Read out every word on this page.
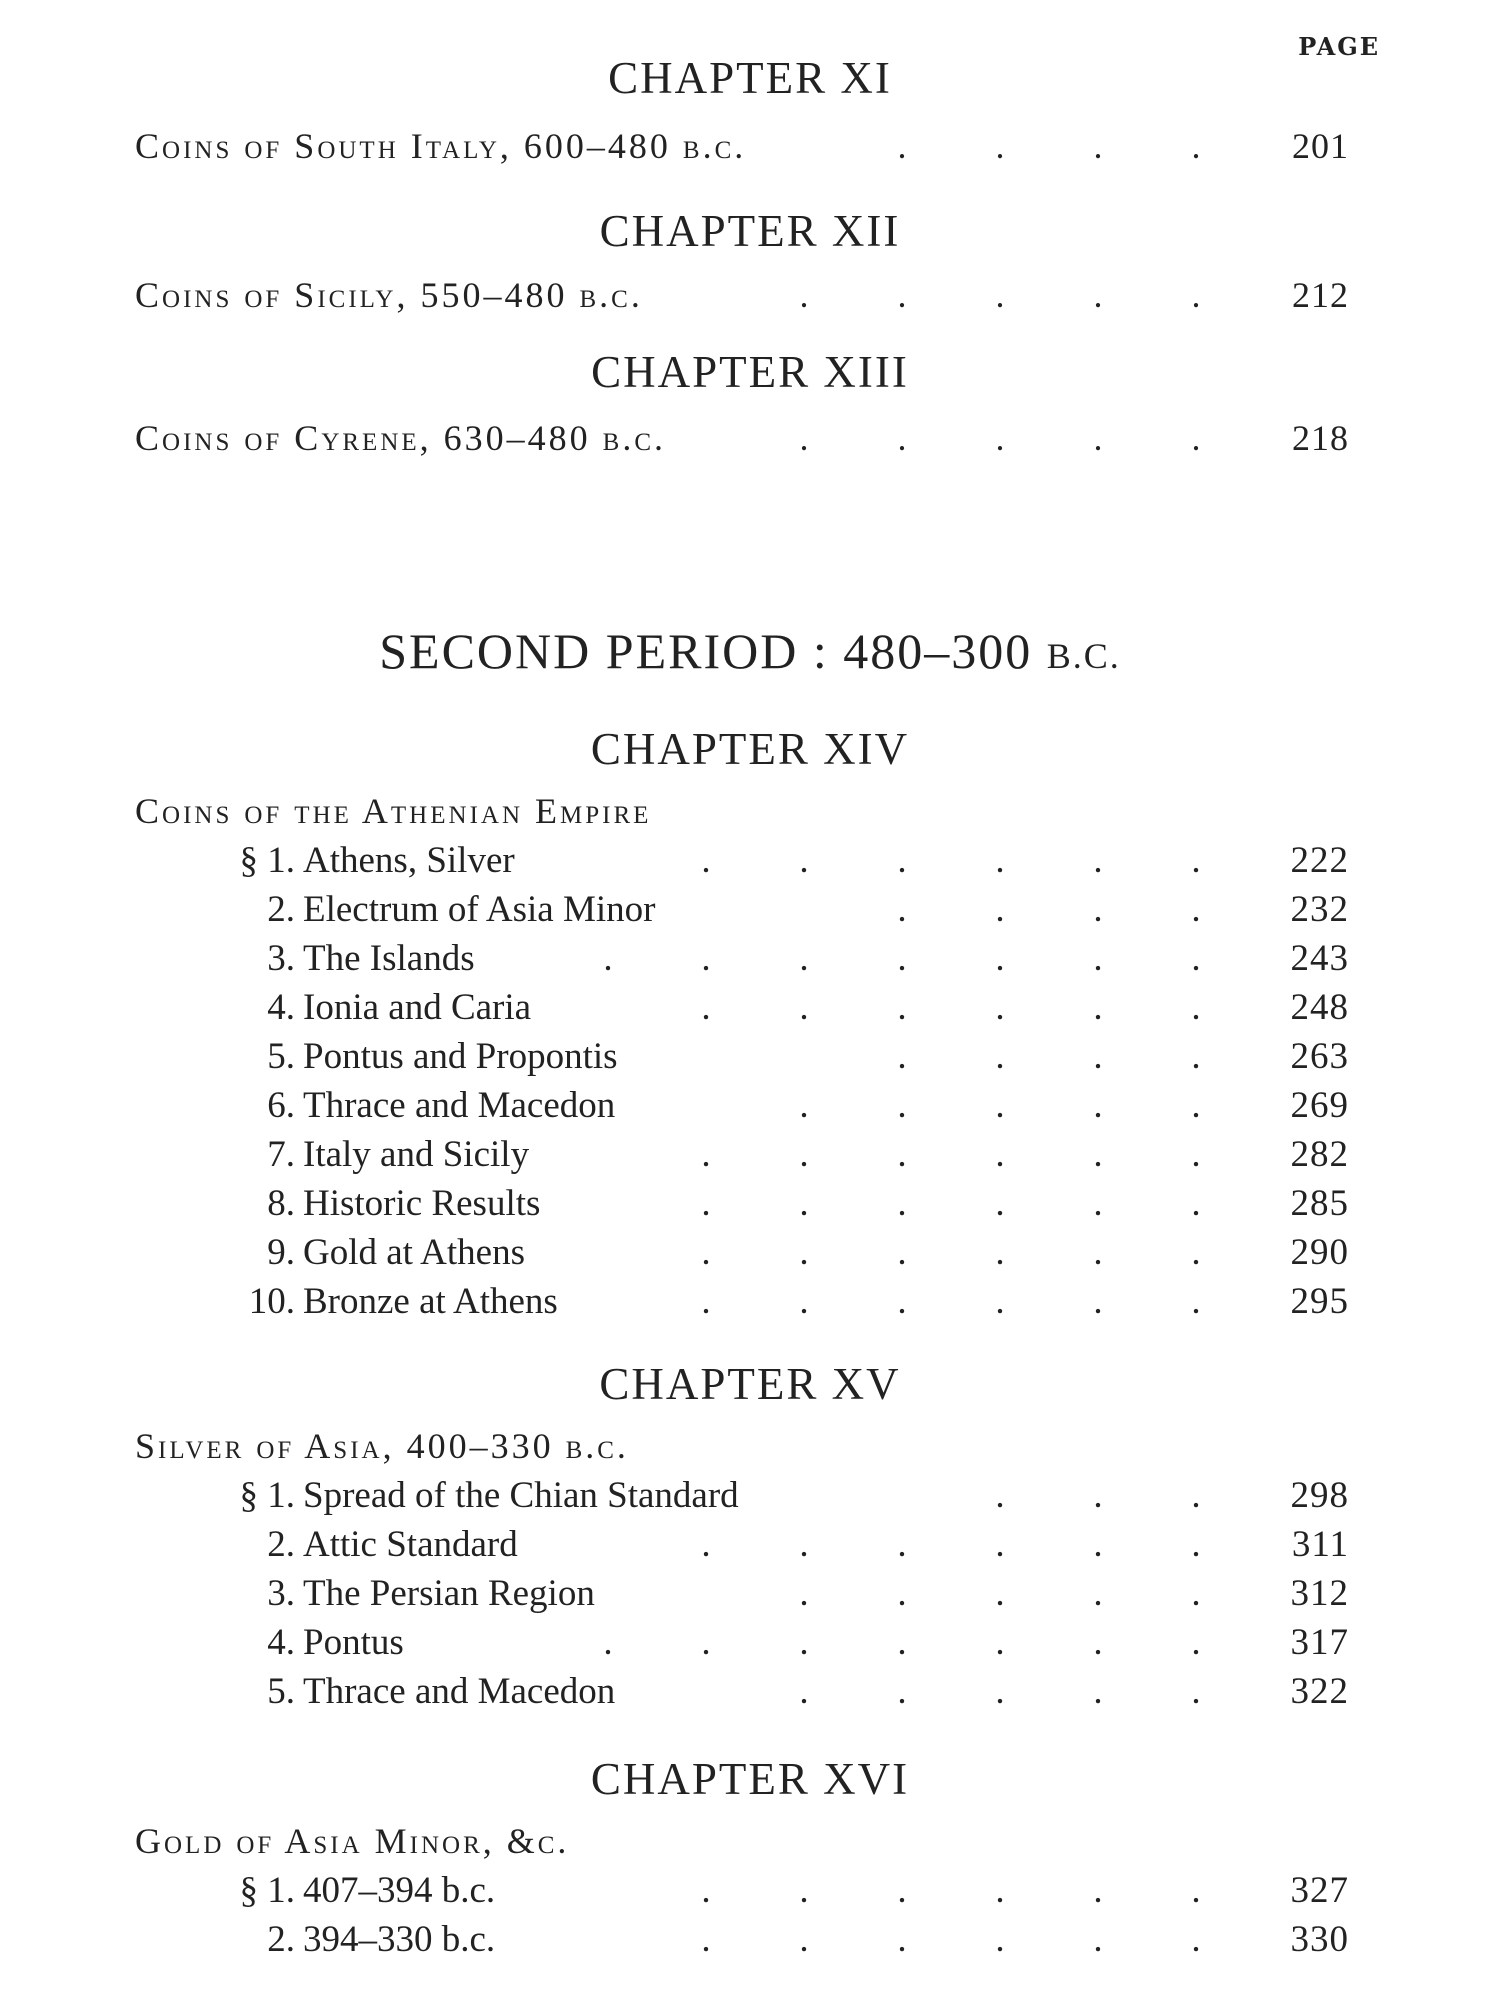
PAGE
CHAPTER XI
Coins of South Italy, 600–480 b.c.	. . . .	201
CHAPTER XII
Coins of Sicily, 550–480 b.c.	. . . . .	212
CHAPTER XIII
Coins of Cyrene, 630–480 b.c.	. . . . .	218
SECOND PERIOD : 480–300 B.C.
CHAPTER XIV
Coins of the Athenian Empire
§ 1. Athens, Silver	. . . . . .	222
2. Electrum of Asia Minor	. . . .	232
3. The Islands	. . . . . . .	243
4. Ionia and Caria	. . . . . .	248
5. Pontus and Propontis	. . . .	263
6. Thrace and Macedon	. . . . .	269
7. Italy and Sicily	. . . . . .	282
8. Historic Results	. . . . . .	285
9. Gold at Athens	. . . . . .	290
10. Bronze at Athens	. . . . . .	295
CHAPTER XV
Silver of Asia, 400–330 b.c.
§ 1. Spread of the Chian Standard	. . .	298
2. Attic Standard	. . . . . .	311
3. The Persian Region	. . . . .	312
4. Pontus	. . . . . . .	317
5. Thrace and Macedon	. . . . .	322
CHAPTER XVI
Gold of Asia Minor, &c.
§ 1. 407–394 b.c.	. . . . . .	327
2. 394–330 b.c.	. . . . . .	330
